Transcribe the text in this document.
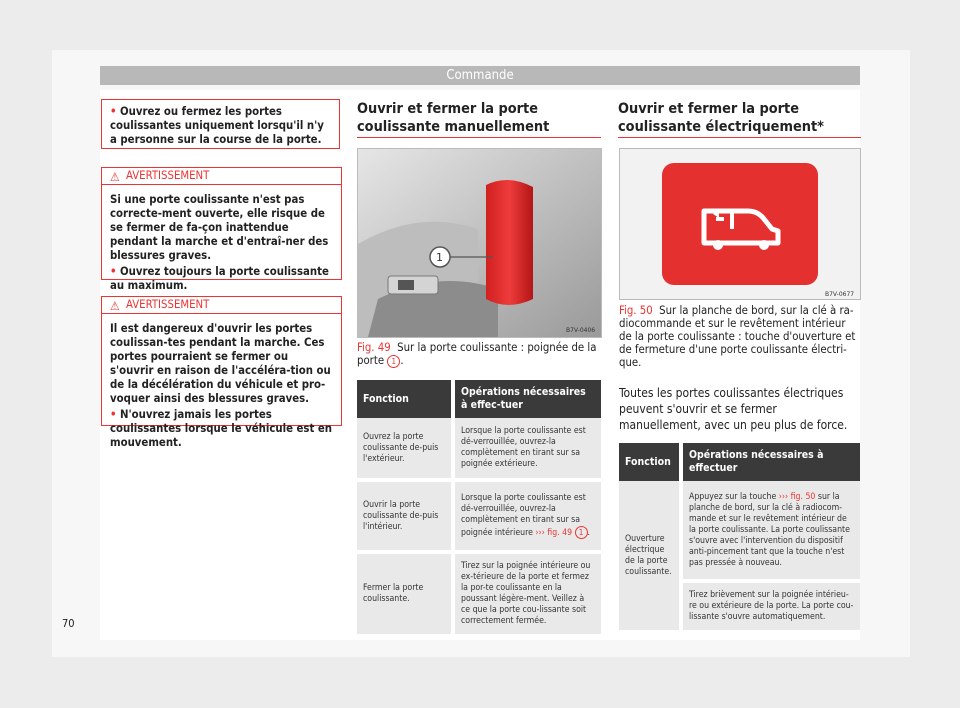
Commande

• Ouvrez ou fermez les portes coulissantes uniquement lorsqu'il n'y a personne sur la course de la porte.

⚠ AVERTISSEMENT

Si une porte coulissante n'est pas correcte-ment ouverte, elle risque de se fermer de fa-çon inattendue pendant la marche et d'entraî-ner des blessures graves.

• Ouvrez toujours la porte coulissante au maximum.

⚠ AVERTISSEMENT

Il est dangereux d'ouvrir les portes coulissan-tes pendant la marche. Ces portes pourraient se fermer ou s'ouvrir en raison de l'accéléra-tion ou de la décélération du véhicule et pro-voquer ainsi des blessures graves.

• N'ouvrez jamais les portes coulissantes lorsque le véhicule est en mouvement.

Ouvrir et fermer la porte coulissante manuellement
1
B7V-0406
Fig. 49 Sur la porte coulissante : poignée de la porte 1 .
Fonction	Opérations nécessaires à effec-tuer
Ouvrez la porte coulissante de-puis l'extérieur.	Lorsque la porte coulissante est dé-verrouillée, ouvrez-la complètement en tirant sur sa poignée extérieure.
Ouvrir la porte coulissante de-puis l'intérieur.	Lorsque la porte coulissante est dé-verrouillée, ouvrez-la complètement en tirant sur sa poignée intérieure ››› fig. 49 1 .
Fermer la porte coulissante.	Tirez sur la poignée intérieure ou ex-térieure de la porte et fermez la por-te coulissante en la poussant légère-ment. Veillez à ce que la porte cou-lissante soit correctement fermée.
Ouvrir et fermer la porte coulissante électriquement*
B7V-0677
Fig. 50 Sur la planche de bord, sur la clé à ra-diocommande et sur le revêtement intérieur de la porte coulissante : touche d'ouverture et de fermeture d'une porte coulissante électri-que.
Toutes les portes coulissantes électriques peuvent s'ouvrir et se fermer manuellement, avec un peu plus de force.
Fonction	Opérations nécessaires à effectuer
Ouverture électrique de la porte coulissante.	Appuyez sur la touche ››› fig. 50 sur la planche de bord, sur la clé à radiocom-mande et sur le revêtement intérieur de la porte coulissante. La porte coulissante s'ouvre avec l'intervention du dispositif anti-pincement tant que la touche n'est pas pressée à nouveau.
	Tirez brièvement sur la poignée intérieu-re ou extérieure de la porte. La porte cou-lissante s'ouvre automatiquement.
70
